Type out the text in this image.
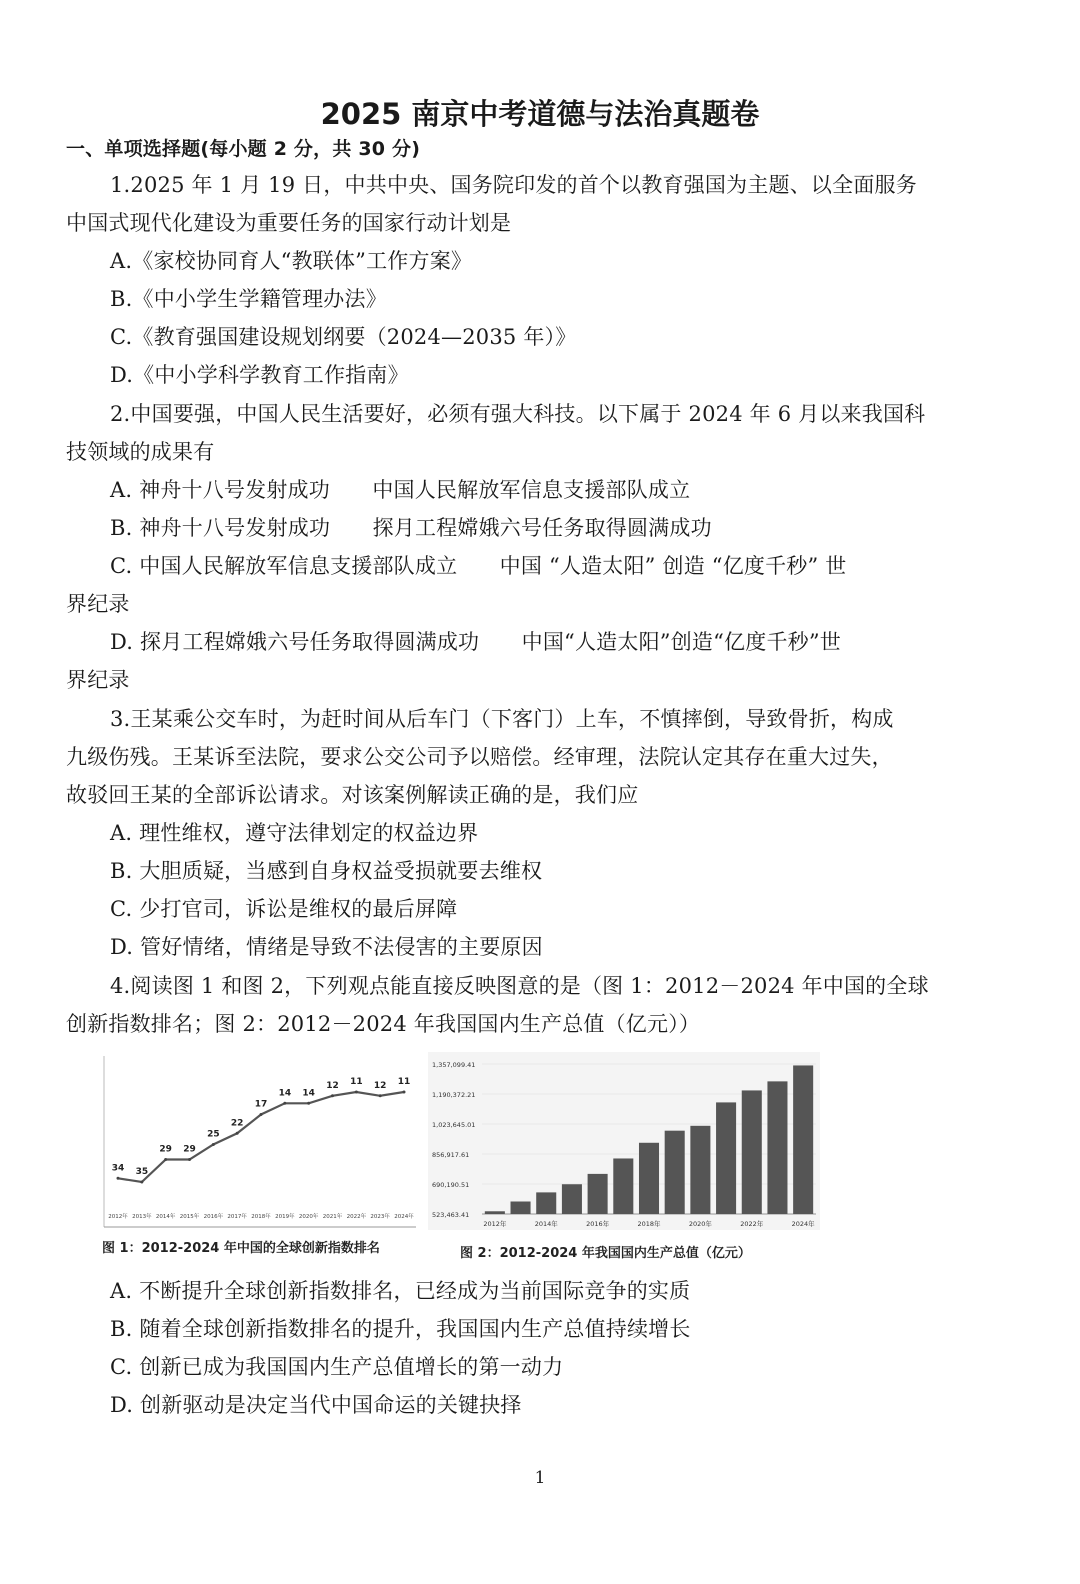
2025 南京中考道德与法治真题卷
一、单项选择题(每小题 2 分，共 30 分)
1.2025 年 1 月 19 日，中共中央、国务院印发的首个以教育强国为主题、以全面服务
中国式现代化建设为重要任务的国家行动计划是
A.《家校协同育人“教联体”工作方案》
B.《中小学生学籍管理办法》
C.《教育强国建设规划纲要（2024—2035 年）》
D.《中小学科学教育工作指南》
2.中国要强，中国人民生活要好，必须有强大科技。以下属于 2024 年 6 月以来我国科
技领域的成果有
A. 神舟十八号发射成功　　中国人民解放军信息支援部队成立
B. 神舟十八号发射成功　　探月工程嫦娥六号任务取得圆满成功
C. 中国人民解放军信息支援部队成立　　中国 “人造太阳” 创造 “亿度千秒” 世
界纪录
D. 探月工程嫦娥六号任务取得圆满成功　　中国“人造太阳”创造“亿度千秒”世
界纪录
3.王某乘公交车时，为赶时间从后车门（下客门）上车，不慎摔倒，导致骨折，构成
九级伤残。王某诉至法院，要求公交公司予以赔偿。经审理，法院认定其存在重大过失，
故驳回王某的全部诉讼请求。对该案例解读正确的是，我们应
A. 理性维权，遵守法律划定的权益边界
B. 大胆质疑，当感到自身权益受损就要去维权
C. 少打官司，诉讼是维权的最后屏障
D. 管好情绪，情绪是导致不法侵害的主要原因
4.阅读图 1 和图 2，下列观点能直接反映图意的是（图 1：2012－2024 年中国的全球
创新指数排名；图 2：2012－2024 年我国国内生产总值（亿元））
34 35
29 29
25
22
17
14 14
12 11 12 11
2012年 2013年 2014年 2015年 2016年 2017年 2018年 2019年 2020年 2021年 2022年 2023年 2024年
图 1：2012-2024 年中国的全球创新指数排名
523,463.41
690,190.51
856,917.61
1,023,645.01
1,190,372.21
1,357,099.41
2012年	2014年	2016年	2018年	2020年	2022年	2024年
图 2：2012-2024 年我国国内生产总值（亿元）
A. 不断提升全球创新指数排名，已经成为当前国际竞争的实质
B. 随着全球创新指数排名的提升，我国国内生产总值持续增长
C. 创新已成为我国国内生产总值增长的第一动力
D. 创新驱动是决定当代中国命运的关键抉择
1
